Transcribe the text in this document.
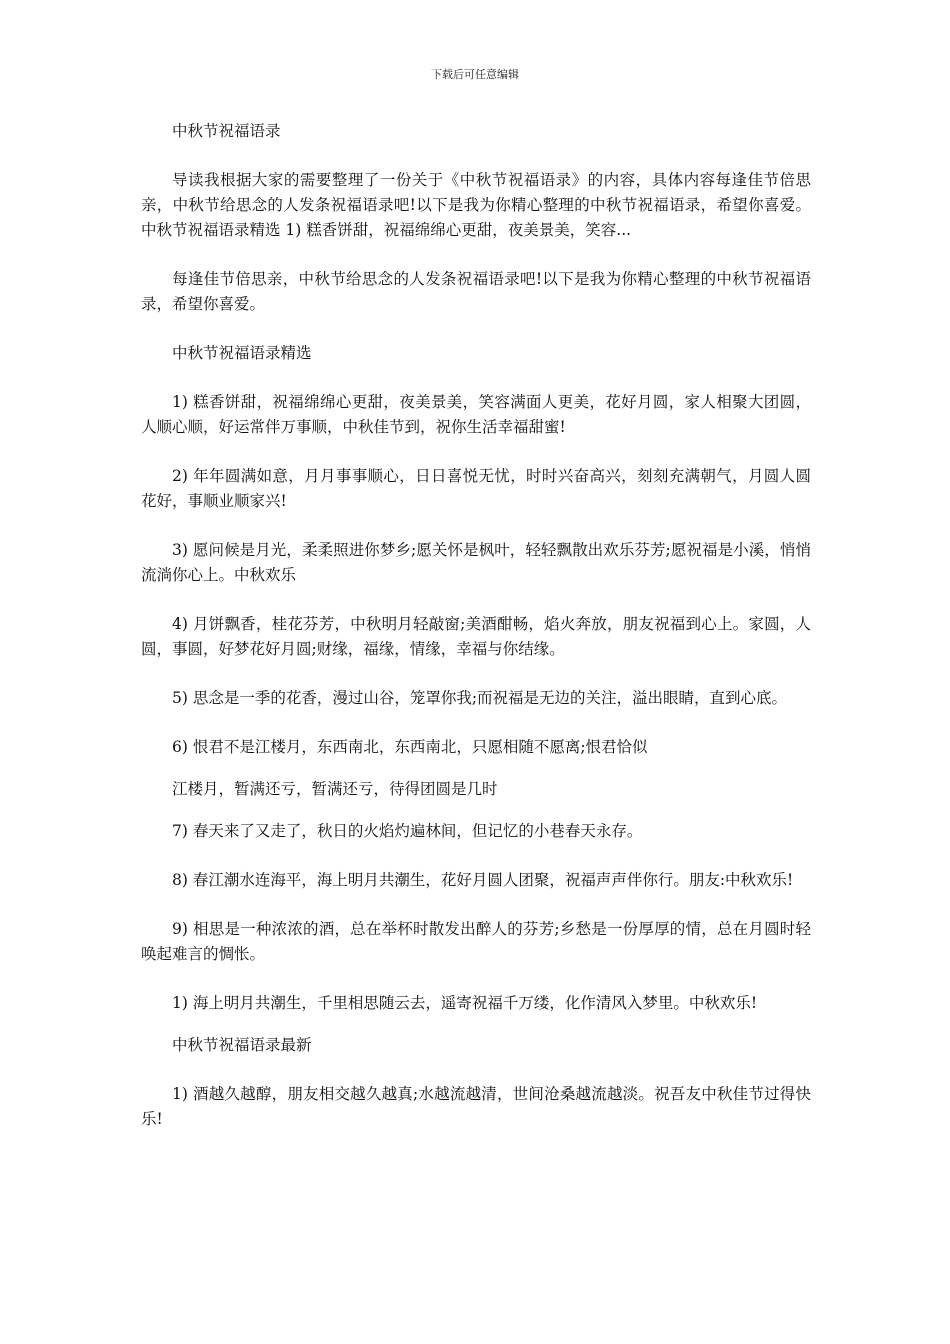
下载后可任意编辑

中秋节祝福语录

导读我根据大家的需要整理了一份关于《中秋节祝福语录》的内容，具体内容每逢佳节倍思亲，中秋节给思念的人发条祝福语录吧!以下是我为你精心整理的中秋节祝福语录，希望你喜爱。中秋节祝福语录精选 1) 糕香饼甜，祝福绵绵心更甜，夜美景美，笑容...

每逢佳节倍思亲，中秋节给思念的人发条祝福语录吧!以下是我为你精心整理的中秋节祝福语录，希望你喜爱。

中秋节祝福语录精选

1) 糕香饼甜，祝福绵绵心更甜，夜美景美，笑容满面人更美，花好月圆，家人相聚大团圆，人顺心顺，好运常伴万事顺，中秋佳节到，祝你生活幸福甜蜜!

2) 年年圆满如意，月月事事顺心，日日喜悦无忧，时时兴奋高兴，刻刻充满朝气，月圆人圆花好，事顺业顺家兴!

3) 愿问候是月光，柔柔照进你梦乡;愿关怀是枫叶，轻轻飘散出欢乐芬芳;愿祝福是小溪，悄悄流淌你心上。中秋欢乐

4) 月饼飘香，桂花芬芳，中秋明月轻敲窗;美酒酣畅，焰火奔放，朋友祝福到心上。家圆，人圆，事圆，好梦花好月圆;财缘，福缘，情缘，幸福与你结缘。

5) 思念是一季的花香，漫过山谷，笼罩你我;而祝福是无边的关注，溢出眼睛，直到心底。

6) 恨君不是江楼月，东西南北，东西南北，只愿相随不愿离;恨君恰似

江楼月，暂满还亏，暂满还亏，待得团圆是几时

7) 春天来了又走了，秋日的火焰灼遍林间，但记忆的小巷春天永存。

8) 春江潮水连海平，海上明月共潮生，花好月圆人团聚，祝福声声伴你行。朋友:中秋欢乐!

9) 相思是一种浓浓的酒，总在举杯时散发出醉人的芬芳;乡愁是一份厚厚的情，总在月圆时轻唤起难言的惆怅。

1) 海上明月共潮生，千里相思随云去，遥寄祝福千万缕，化作清风入梦里。中秋欢乐!

中秋节祝福语录最新

1) 酒越久越醇，朋友相交越久越真;水越流越清，世间沧桑越流越淡。祝吾友中秋佳节过得快乐!
